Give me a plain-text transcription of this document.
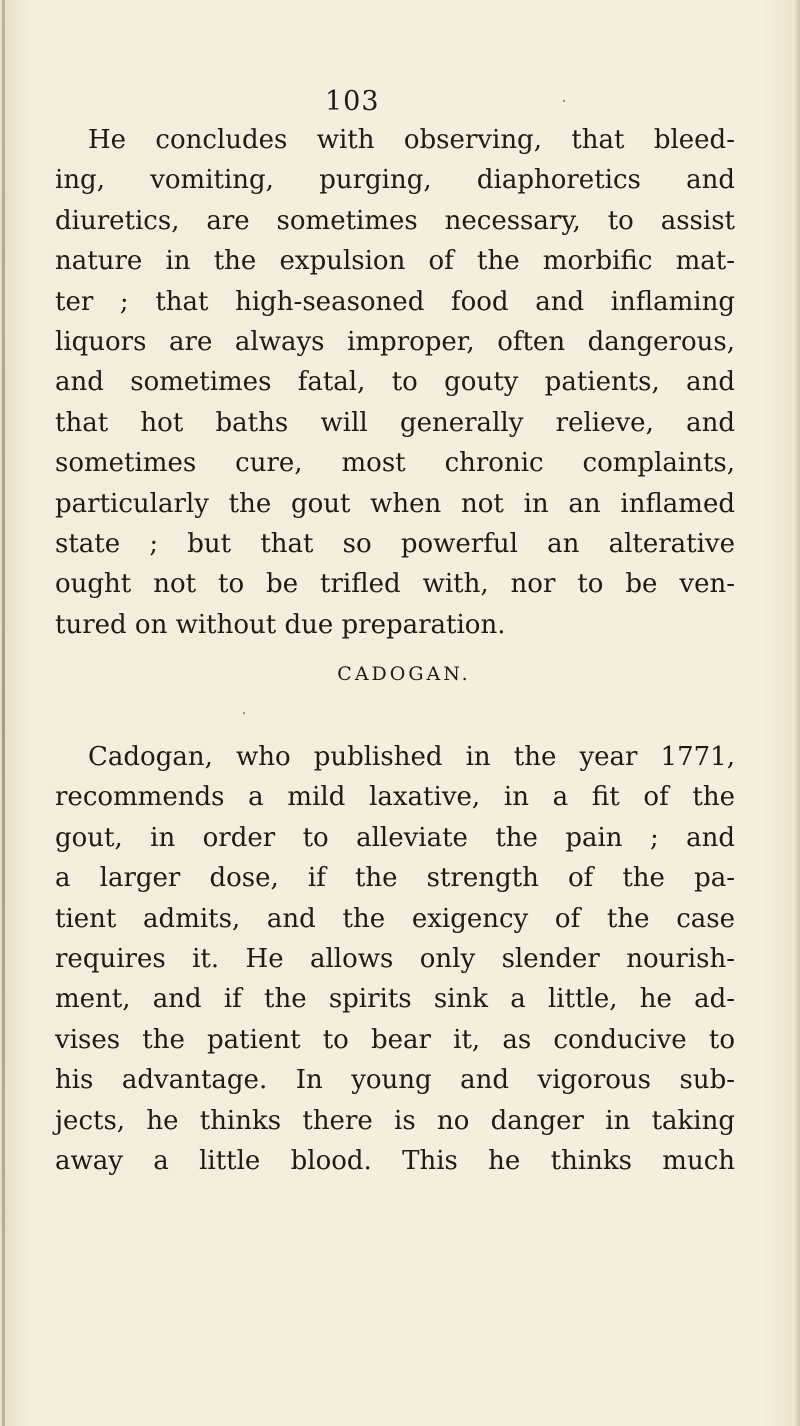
103

He concludes with observing, that bleed-
ing, vomiting, purging, diaphoretics and
diuretics, are sometimes necessary, to assist
nature in the expulsion of the morbific mat-
ter ; that high-seasoned food and inflaming
liquors are always improper, often dangerous,
and sometimes fatal, to gouty patients, and
that hot baths will generally relieve, and
sometimes cure, most chronic complaints,
particularly the gout when not in an inflamed
state ; but that so powerful an alterative
ought not to be trifled with, nor to be ven-
tured on without due preparation.

CADOGAN.

Cadogan, who published in the year 1771,
recommends a mild laxative, in a fit of the
gout, in order to alleviate the pain ; and
a larger dose, if the strength of the pa-
tient admits, and the exigency of the case
requires it. He allows only slender nourish-
ment, and if the spirits sink a little, he ad-
vises the patient to bear it, as conducive to
his advantage. In young and vigorous sub-
jects, he thinks there is no danger in taking
away a little blood. This he thinks much
